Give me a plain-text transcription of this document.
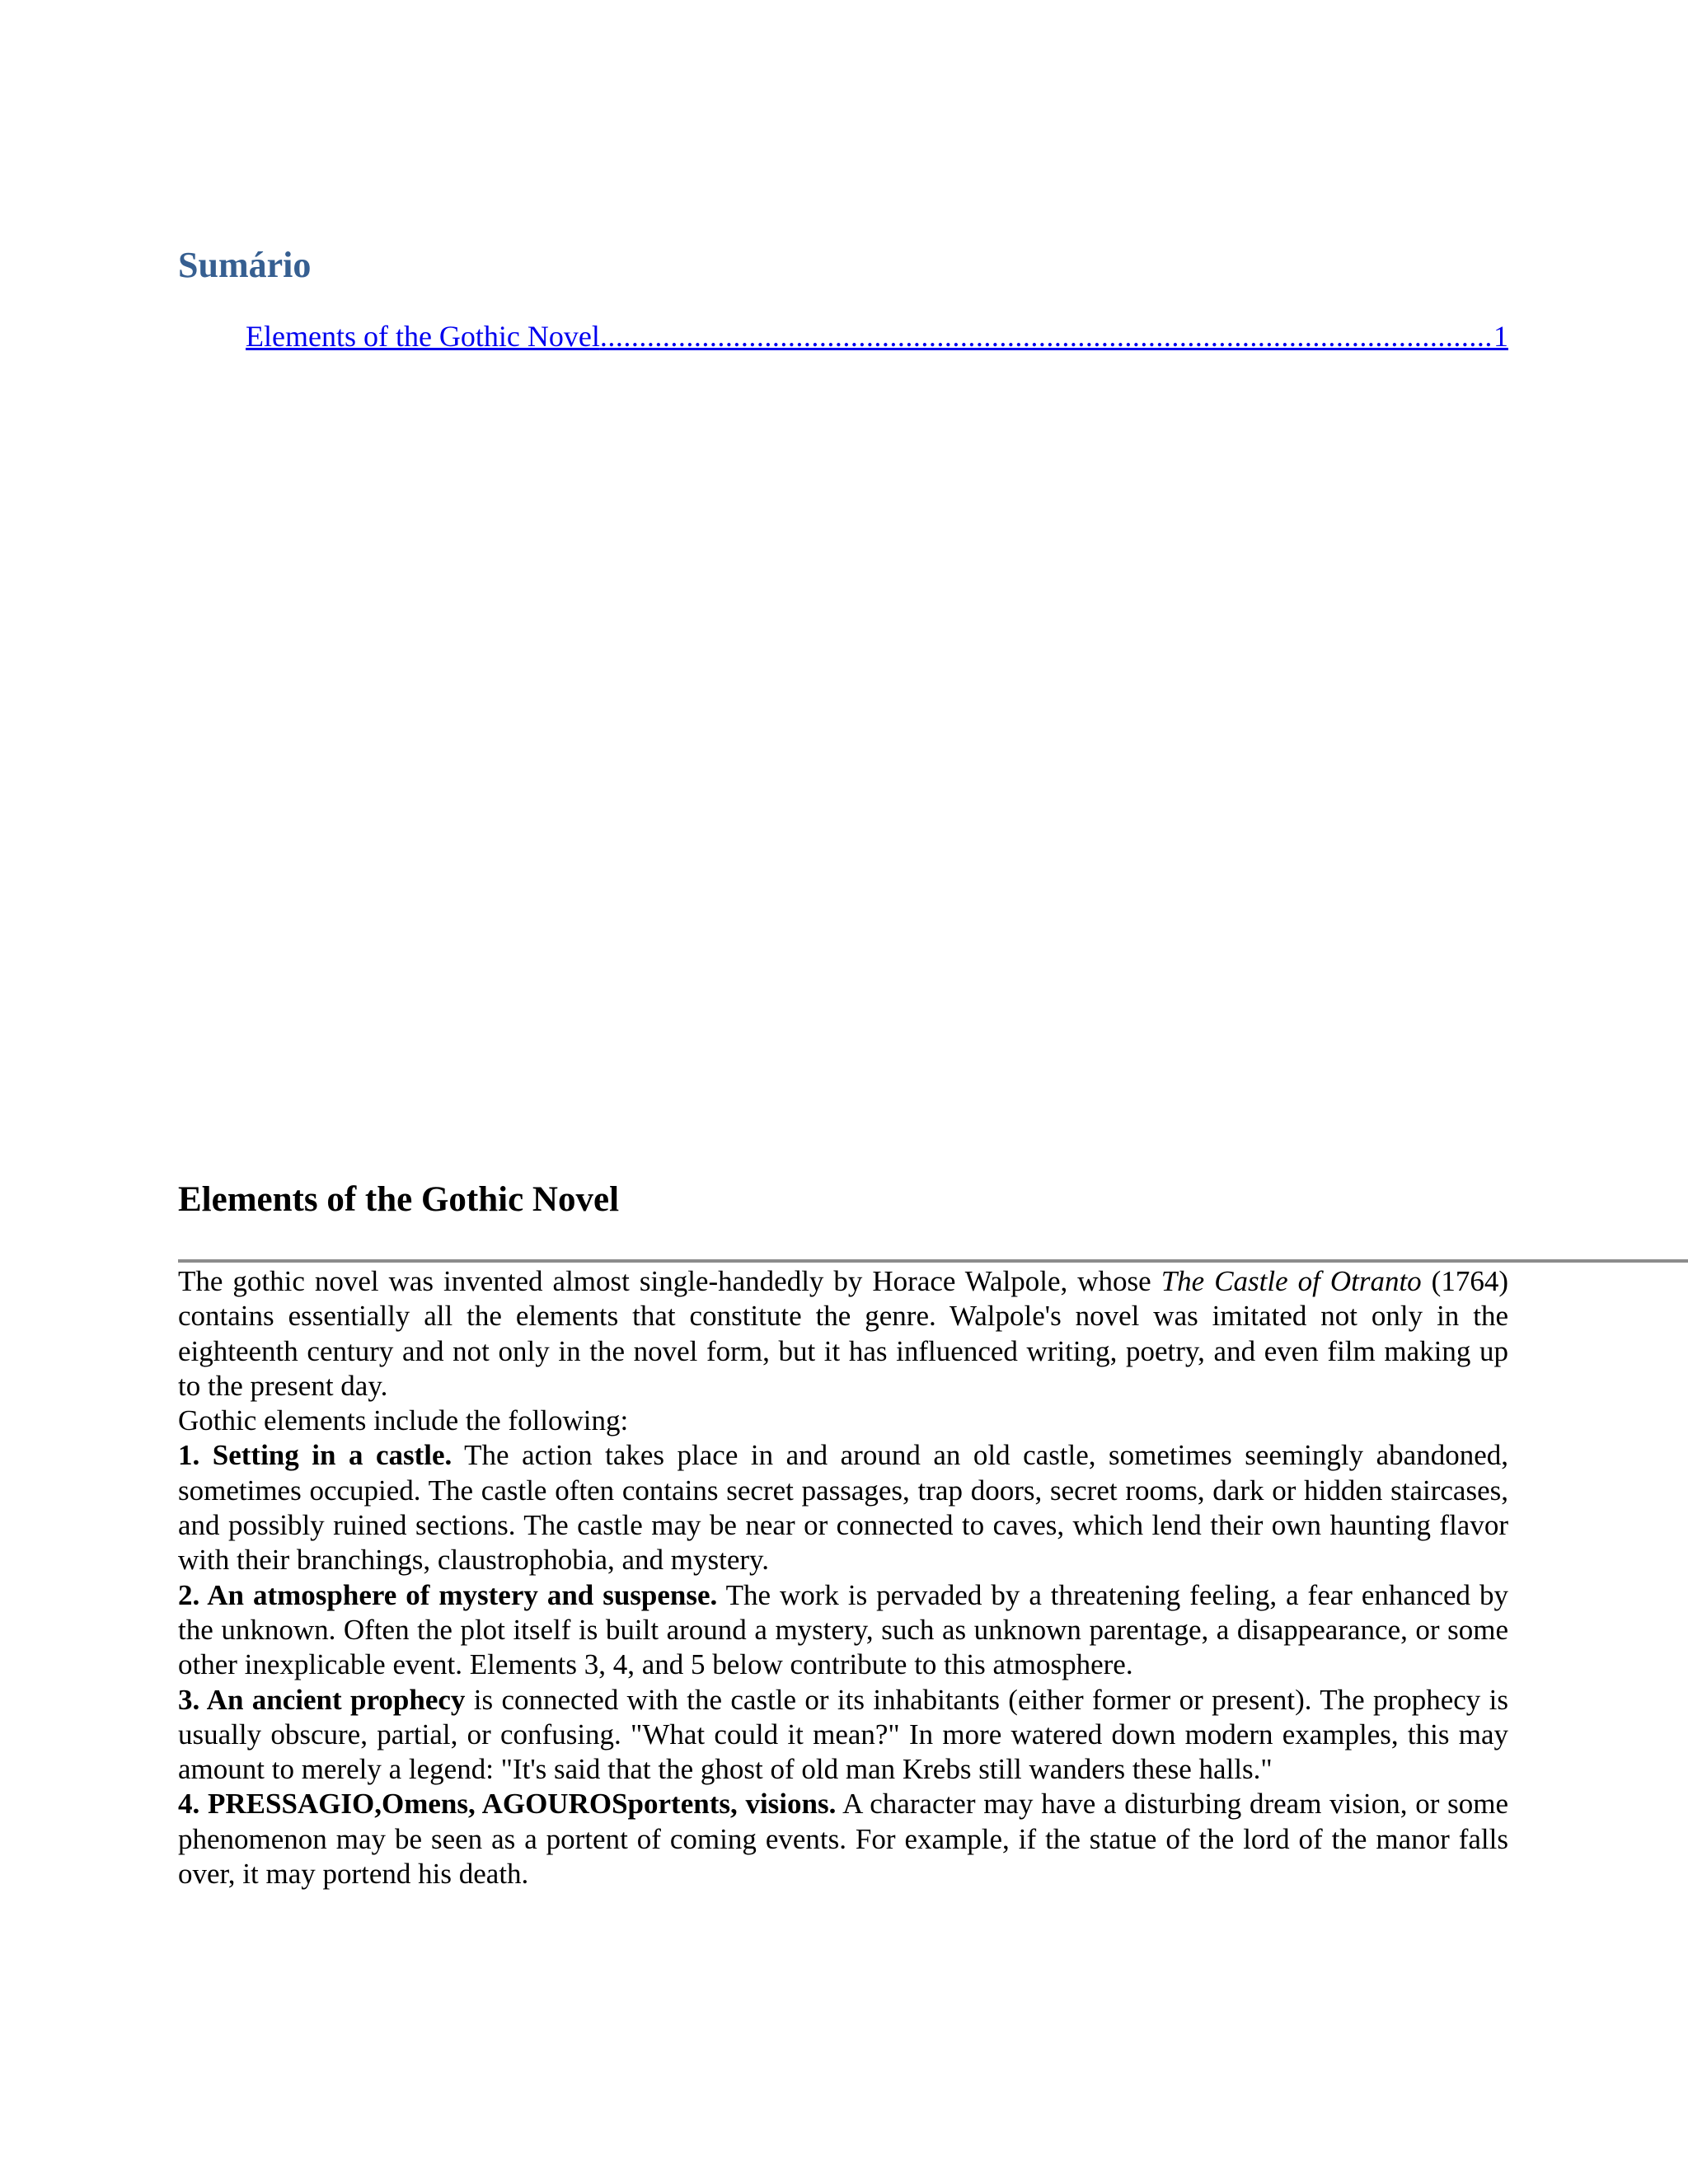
Sumário
Elements of the Gothic Novel
.....	1
Elements of the Gothic Novel

The gothic novel was invented almost single-handedly by Horace Walpole, whose The Castle of Otranto (1764) contains essentially all the elements that constitute the genre. Walpole's novel was imitated not only in the eighteenth century and not only in the novel form, but it has influenced writing, poetry, and even film making up to the present day.

Gothic elements include the following:

1. Setting in a castle. The action takes place in and around an old castle, sometimes seemingly abandoned, sometimes occupied. The castle often contains secret passages, trap doors, secret rooms, dark or hidden staircases, and possibly ruined sections. The castle may be near or connected to caves, which lend their own haunting flavor with their branchings, claustrophobia, and mystery.

2. An atmosphere of mystery and suspense. The work is pervaded by a threatening feeling, a fear enhanced by the unknown. Often the plot itself is built around a mystery, such as unknown parentage, a disappearance, or some other inexplicable event. Elements 3, 4, and 5 below contribute to this atmosphere.

3. An ancient prophecy is connected with the castle or its inhabitants (either former or present). The prophecy is usually obscure, partial, or confusing. "What could it mean?" In more watered down modern examples, this may amount to merely a legend: "It's said that the ghost of old man Krebs still wanders these halls."

4. PRESSAGIO,Omens, AGOUROSportents, visions. A character may have a disturbing dream vision, or some phenomenon may be seen as a portent of coming events. For example, if the statue of the lord of the manor falls over, it may portend his death.
